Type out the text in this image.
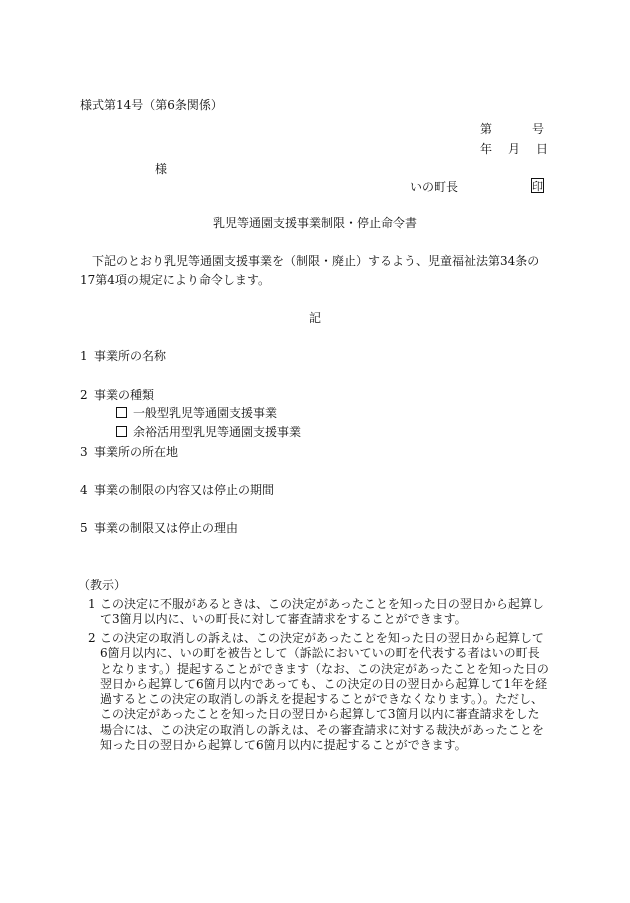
様式第14号（第6条関係）
第　　　号
年　月　日
様
いの町長	印
乳児等通園支援事業制限・停止命令書
下記のとおり乳児等通園支援事業を（制限・廃止）するよう、児童福祉法第34条の17第4項の規定により命令します。
記
1 事業所の名称
2 事業の種類
一般型乳児等通園支援事業
余裕活用型乳児等通園支援事業
3 事業所の所在地
4 事業の制限の内容又は停止の期間
5 事業の制限又は停止の理由
（教示）
1 この決定に不服があるときは、この決定があったことを知った日の翌日から起算して3箇月以内に、いの町長に対して審査請求をすることができます。
2 この決定の取消しの訴えは、この決定があったことを知った日の翌日から起算して6箇月以内に、いの町を被告として（訴訟においていの町を代表する者はいの町長となります。）提起することができます（なお、この決定があったことを知った日の翌日から起算して6箇月以内であっても、この決定の日の翌日から起算して1年を経過するとこの決定の取消しの訴えを提起することができなくなります。）。ただし、この決定があったことを知った日の翌日から起算して3箇月以内に審査請求をした場合には、この決定の取消しの訴えは、その審査請求に対する裁決があったことを知った日の翌日から起算して6箇月以内に提起することができます。
